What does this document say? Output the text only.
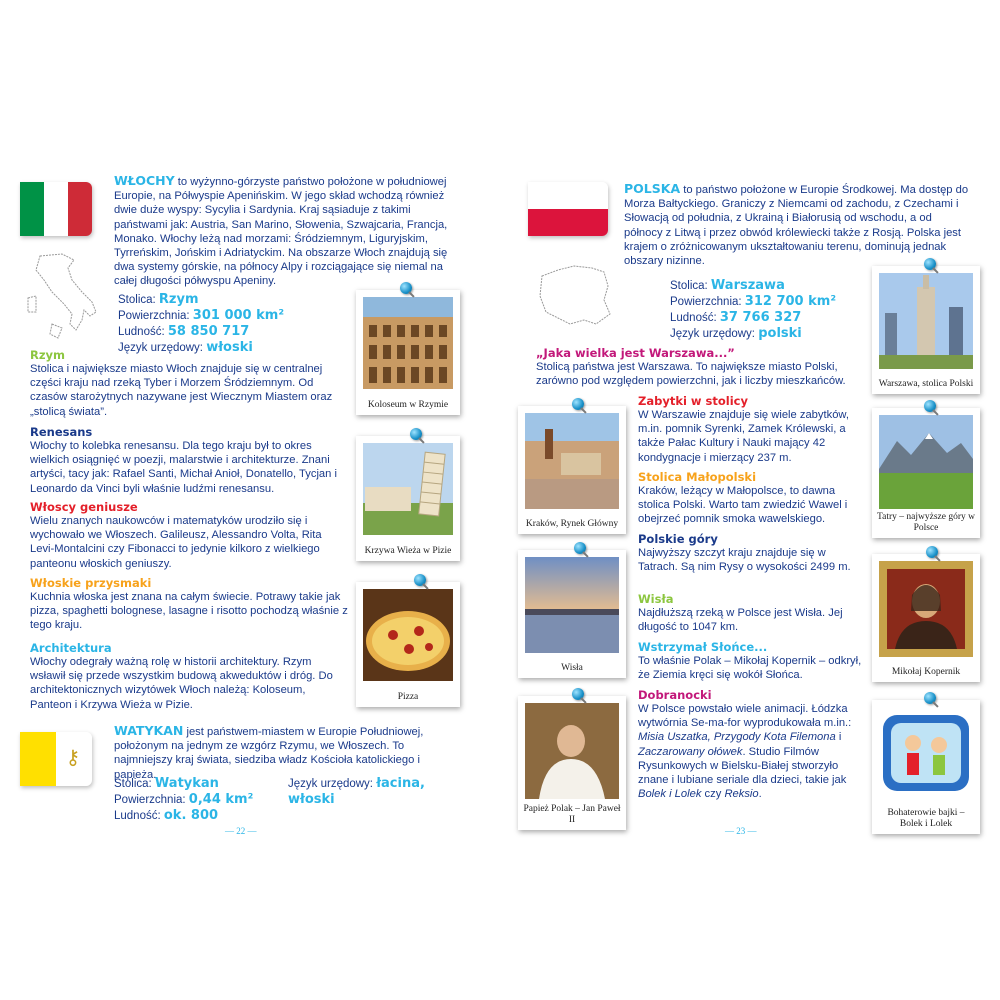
WŁOCHY to wyżynno-górzyste państwo położone w południowej Europie, na Półwyspie Apenińskim. W jego skład wchodzą również dwie duże wyspy: Sycylia i Sardynia. Kraj sąsiaduje z takimi państwami jak: Austria, San Marino, Słowenia, Szwajcaria, Francja, Monako. Włochy leżą nad morzami: Śródziemnym, Liguryjskim, Tyrreńskim, Jońskim i Adriatyckim. Na obszarze Włoch znajdują się dwa systemy górskie, na północy Alpy i rozciągające się niemal na całej długości półwyspu Apeniny.

Stolica: Rzym
Powierzchnia: 301 000 km²
Ludność: 58 850 717
Język urzędowy: włoski
Rzym

Stolica i największe miasto Włoch znajduje się w centralnej części kraju nad rzeką Tyber i Morzem Śródziemnym. Od czasów starożytnych nazywane jest Wiecznym Miastem oraz „stolicą świata”.

Renesans

Włochy to kolebka renesansu. Dla tego kraju był to okres wielkich osiągnięć w poezji, malarstwie i architekturze. Znani artyści, tacy jak: Rafael Santi, Michał Anioł, Donatello, Tycjan i Leonardo da Vinci byli właśnie ludźmi renesansu.

Włoscy geniusze

Wielu znanych naukowców i matematyków urodziło się i wychowało we Włoszech. Galileusz, Alessandro Volta, Rita Levi-Montalcini czy Fibonacci to jedynie kilkoro z wielkiego panteonu włoskich geniuszy.

Włoskie przysmaki

Kuchnia włoska jest znana na całym świecie. Potrawy takie jak pizza, spaghetti bolognese, lasagne i risotto pochodzą właśnie z tego kraju.

Architektura

Włochy odegrały ważną rolę w historii architektury. Rzym wsławił się przede wszystkim budową akweduktów i dróg. Do architektonicznych wizytówek Włoch należą: Koloseum, Panteon i Krzywa Wieża w Pizie.

⚷

WATYKAN jest państwem-miastem w Europie Południowej, położonym na jednym ze wzgórz Rzymu, we Włoszech. To najmniejszy kraj świata, siedziba władz Kościoła katolickiego i papieża.

Stolica: Watykan
Powierzchnia: 0,44 km²
Ludność: ok. 800
Język urzędowy: łacina,
włoski
Koloseum w Rzymie
Krzywa Wieża w Pizie
Pizza
— 22 —

POLSKA to państwo położone w Europie Środkowej. Ma dostęp do Morza Bałtyckiego. Graniczy z Niemcami od zachodu, z Czechami i Słowacją od południa, z Ukrainą i Białorusią od wschodu, a od północy z Litwą i przez obwód królewiecki także z Rosją. Polska jest krajem o zróżnicowanym ukształtowaniu terenu, dominują jednak obszary nizinne.

Stolica: Warszawa
Powierzchnia: 312 700 km²
Ludność: 37 766 327
Język urzędowy: polski
„Jaka wielka jest Warszawa...”

Stolicą państwa jest Warszawa. To największe miasto Polski, zarówno pod względem powierzchni, jak i liczby mieszkańców.

Zabytki w stolicy

W Warszawie znajduje się wiele zabytków, m.in. pomnik Syrenki, Zamek Królewski, a także Pałac Kultury i Nauki mający 42 kondygnacje i mierzący 237 m.

Stolica Małopolski

Kraków, leżący w Małopolsce, to dawna stolica Polski. Warto tam zwiedzić Wawel i obejrzeć pomnik smoka wawelskiego.

Polskie góry

Najwyższy szczyt kraju znajduje się w Tatrach. Są nim Rysy o wysokości 2499 m.

Wisła

Najdłuższą rzeką w Polsce jest Wisła. Jej długość to 1047 km.

Wstrzymał Słońce...

To właśnie Polak – Mikołaj Kopernik – odkrył, że Ziemia kręci się wokół Słońca.

Dobranocki

W Polsce powstało wiele animacji. Łódzka wytwórnia Se-ma-for wyprodukowała m.in.: Misia Uszatka, Przygody Kota Filemona i Zaczarowany ołówek. Studio Filmów Rysunkowych w Bielsku-Białej stworzyło znane i lubiane seriale dla dzieci, takie jak Bolek i Lolek czy Reksio.

Kraków, Rynek Główny
Wisła
Papież Polak – Jan Paweł II
Warszawa, stolica Polski
Tatry – najwyższe góry w Polsce
Mikołaj Kopernik
Bohaterowie bajki – Bolek i Lolek
— 23 —
